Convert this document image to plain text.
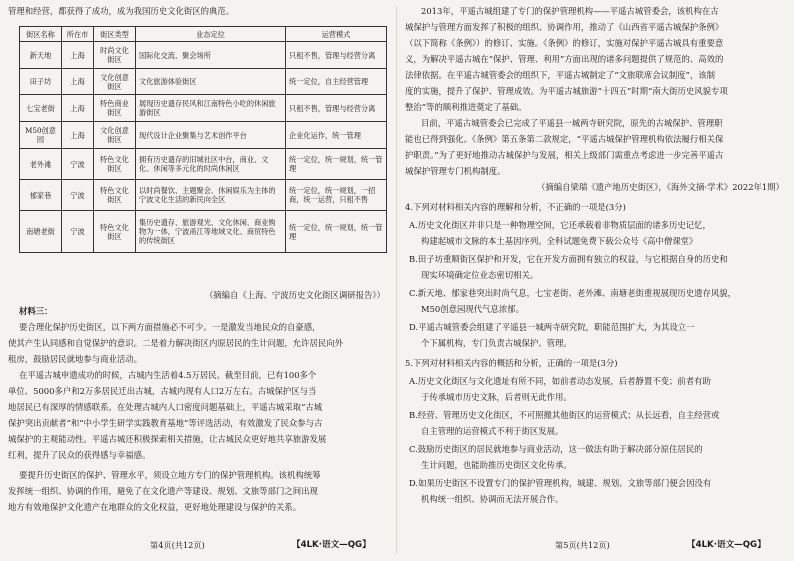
管理和经营，都获得了成功，成为我国历史文化街区的典范。
街区名称	所在市	街区类型	业态定位	运营模式
新天地	上海	时尚文化街区	国际化交流、聚会场所	只租不售，管理与经营分离
田子坊	上海	文化创意街区	文化旅游体验街区	统一定位，自主经营管理
七宝老街	上海	特色商业街区	展现历史遗存民风和江南特色小吃的休闲旅游街区	只租不售，管理与经营分离
M50创意园	上海	文化创意街区	现代设计企业聚集与艺术创作平台	企业化运作，统一管理
老外滩	宁波	特色文化街区	拥有历史遗存的旧城社区中台，商业、文化、休闲等多元化的时尚休闲区	统一定位，统一规划，统一管理
郁家巷	宁波	特色文化街区	以时尚餐饮、主题聚会、休闲娱乐为主体的宁波文化生活的新民向全区	统一定位，统一规划，一招商，统一运营，只租不售
南塘老街	宁波	特色文化街区	集历史遗存、旅游观光、文化休闲、商业购物为一体，宁波甬江等地域文化、商贸特色的传统街区	统一定位，统一规划，统一管理
（摘编自《上海、宁波历史文化街区调研报告》）
材料三：
要合理化保护历史街区，以下两方面措施必不可少。一是激发当地民众的自豪感，
使其产生认同感和自觉保护的意识。二是着力解决街区内原居民的生计问题，允许居民向外
租房，鼓励居民就地参与商业活动。
在平遥古城申遗成功的时候，古城内生活着4.5万居民。截至目前，已有100多个
单位、5000多户和2万多居民迁出古城，古城内现有人口2万左右。古城保护区与当
地居民已有深厚的情感联系。在处理古城内人口密度问题基础上，平遥古城采取“古城
保护突出贡献者”和“中小学生研学实践教育基地”等评选活动，有效激发了民众参与古
城保护的主观能动性。平遥古城还积极探索相关措施，让古城民众更好地共享旅游发展
红利，提升了民众的获得感与幸福感。
要提升历史街区的保护、管理水平，须设立地方专门的保护管理机构。该机构统筹
发挥统一组织、协调的作用，避免了在文化遗产等建设、规划、文旅等部门之间出现
地方有效地保护文化遗产在地群众的文化权益，更好地处理建设与保护的关系。
第4页(共12页)	【4LK·语文—QG】
2013年，平遥古城组建了专门的保护管理机构——平遥古城管委会，该机构在古
城保护与管理方面发挥了积极的组织、协调作用，推动了《山西省平遥古城保护条例》
（以下简称《条例》）的修订、实施。《条例》的修订，实施对保护平遥古城具有重要意
义，为解决平遥古城在“保护、管理、利用”方面出现的诸多问题提供了规范的、高效的
法律依据。在平遥古城管委会的组织下，平遥古城制定了“文旅联席会议制度”，该制
度的实施，提升了保护、管理成效。为平遥古城旅游“十四五”时期“南大街历史风貌专项
整治”等的顺利推进奠定了基础。
目前，平遥古城管委会已完成了平遥县一城两寺研究院，原先的古城保护、管理职
能也已得到强化。《条例》第五条第二款规定，“平遥古城保护管理机构依法履行相关保
护职责。”为了更好地推动古城保护与发展，相关上级部门需重点考虑进一步完善平遥古
城保护管理专门机构制度。
（摘编自梁瑞《遗产地历史街区》，《海外文摘·学术》2022年1期）
4.下列对材料相关内容的理解和分析，不正确的一项是(3分)
A.历史文化街区并非只是一种物理空间，它还承载着非物质层面的诸多历史记忆，
构建起城市文脉的本土基因序列。全科试题免费下载公众号《高中僧课堂》
B.田子坊重顺街区保护和开发，它在开发方面拥有独立的权益，与它根据自身的历史和
现实环境确定位业态密切相关。
C.新天地、郁家巷突出时尚气息，七宝老街、老外滩、南塘老街重视展现历史遗存风貌，
M50创意园现代气息浓郁。
D.平遥古城管委会组建了平遥县一城两寺研究院，职能范围扩大，为其设立一
个下属机构，专门负责古城保护、管理。
5.下列对材料相关内容的概括和分析，正确的一项是(3分)
A.历史文化街区与文化遗址有所不同，如前者动态发展，后者静置不变；前者有助
于传承城市历史文脉，后者则无此作用。
B.经营、管理历史文化街区，不可照搬其他街区的运营模式；从长远看，自主经营或
自主管理的运营模式不利于街区发展。
C.鼓励历史街区的居民就地参与商业活动，这一做法有助于解决部分原住居民的
生计问题，也能助推历史街区文化传承。
D.如果历史街区不设置专门的保护管理机构，城建、规划、文旅等部门便会因没有
机构统一组织、协调而无法开展合作。
第5页(共12页)	【4LK·语文—QG】
